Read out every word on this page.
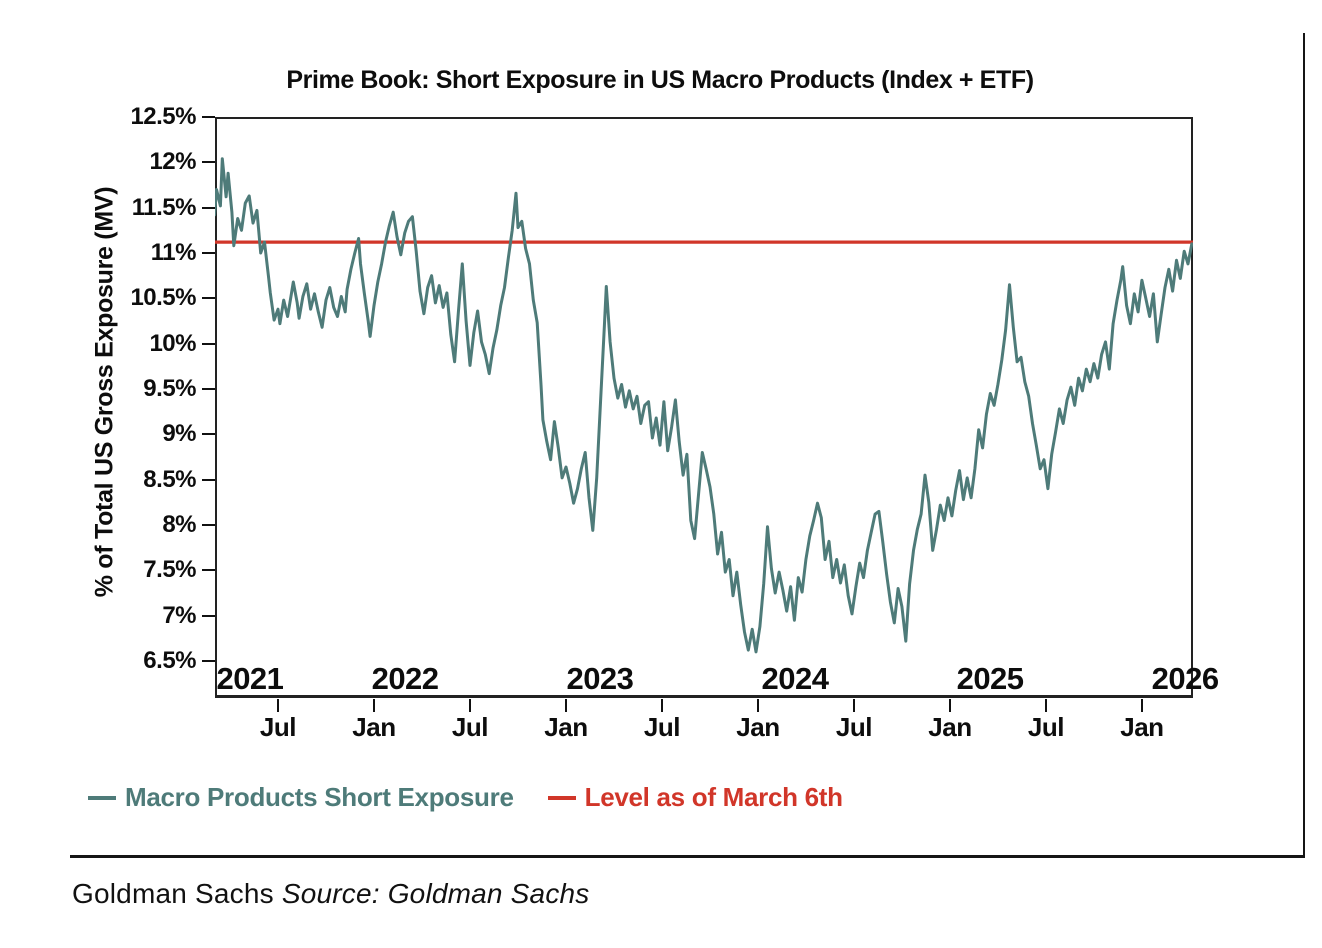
Prime Book: Short Exposure in US Macro Products (Index + ETF)
% of Total US Gross Exposure (MV)
12.5%
12%
11.5%
11%
10.5%
10%
9.5%
9%
8.5%
8%
7.5%
7%
6.5%
Jul	Jan	Jul	Jan	Jul	Jan	Jul	Jan	Jul	Jan
2021	2022	2023	2024	2025	2026
Macro Products Short Exposure	Level as of March 6th
Goldman Sachs Source: Goldman Sachs
